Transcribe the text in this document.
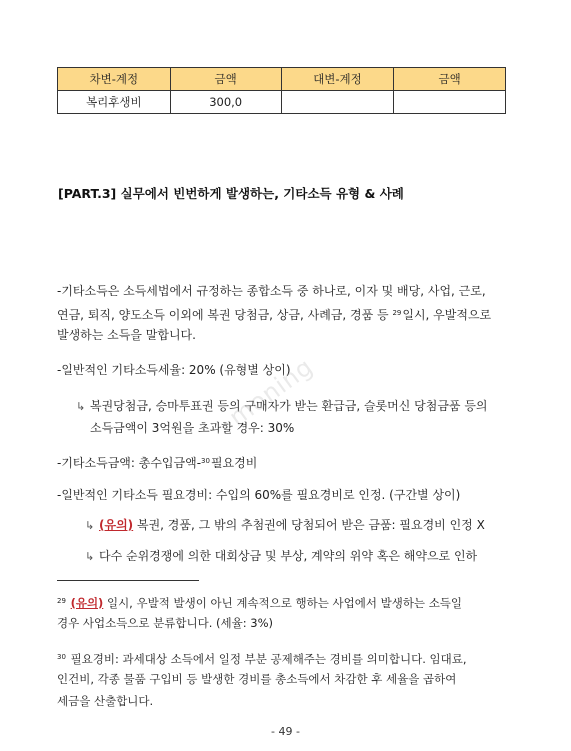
차변-계정	금액	대변-계정	금액
복리후생비	300,0		
[PART.3] 실무에서 빈번하게 발생하는, 기타소득 유형 & 사례
-기타소득은 소득세법에서 규정하는 종합소득 중 하나로, 이자 및 배당, 사업, 근로,
연금, 퇴직, 양도소득 이외에 복권 당첨금, 상금, 사례금, 경품 등 $^{29}$일시, 우발적으로
발생하는 소득을 말합니다.
-일반적인 기타소득세율: 20% (유형별 상이)
↳ 복권당첨금, 승마투표권 등의 구매자가 받는 환급금, 슬롯머신 당첨금품 등의
소득금액이 3억원을 초과할 경우: 30%
-기타소득금액: 총수입금액-$^{30}$필요경비
-일반적인 기타소득 필요경비: 수입의 60%를 필요경비로 인정. (구간별 상이)
↳ (유의) 복권, 경품, 그 밖의 추첨권에 당첨되어 받은 금품: 필요경비 인정 X
↳ 다수 순위경쟁에 의한 대회상금 및 부상, 계약의 위약 혹은 해약으로 인하
$^{29}$ (유의) 일시, 우발적 발생이 아닌 계속적으로 행하는 사업에서 발생하는 소득일
경우 사업소득으로 분류합니다. (세율: 3%)
$^{30}$ 필요경비: 과세대상 소득에서 일정 부분 공제해주는 경비를 의미합니다. 임대료,
인건비, 각종 물품 구입비 등 발생한 경비를 총소득에서 차감한 후 세율을 곱하여
세금을 산출합니다.
moning
- 49 -
